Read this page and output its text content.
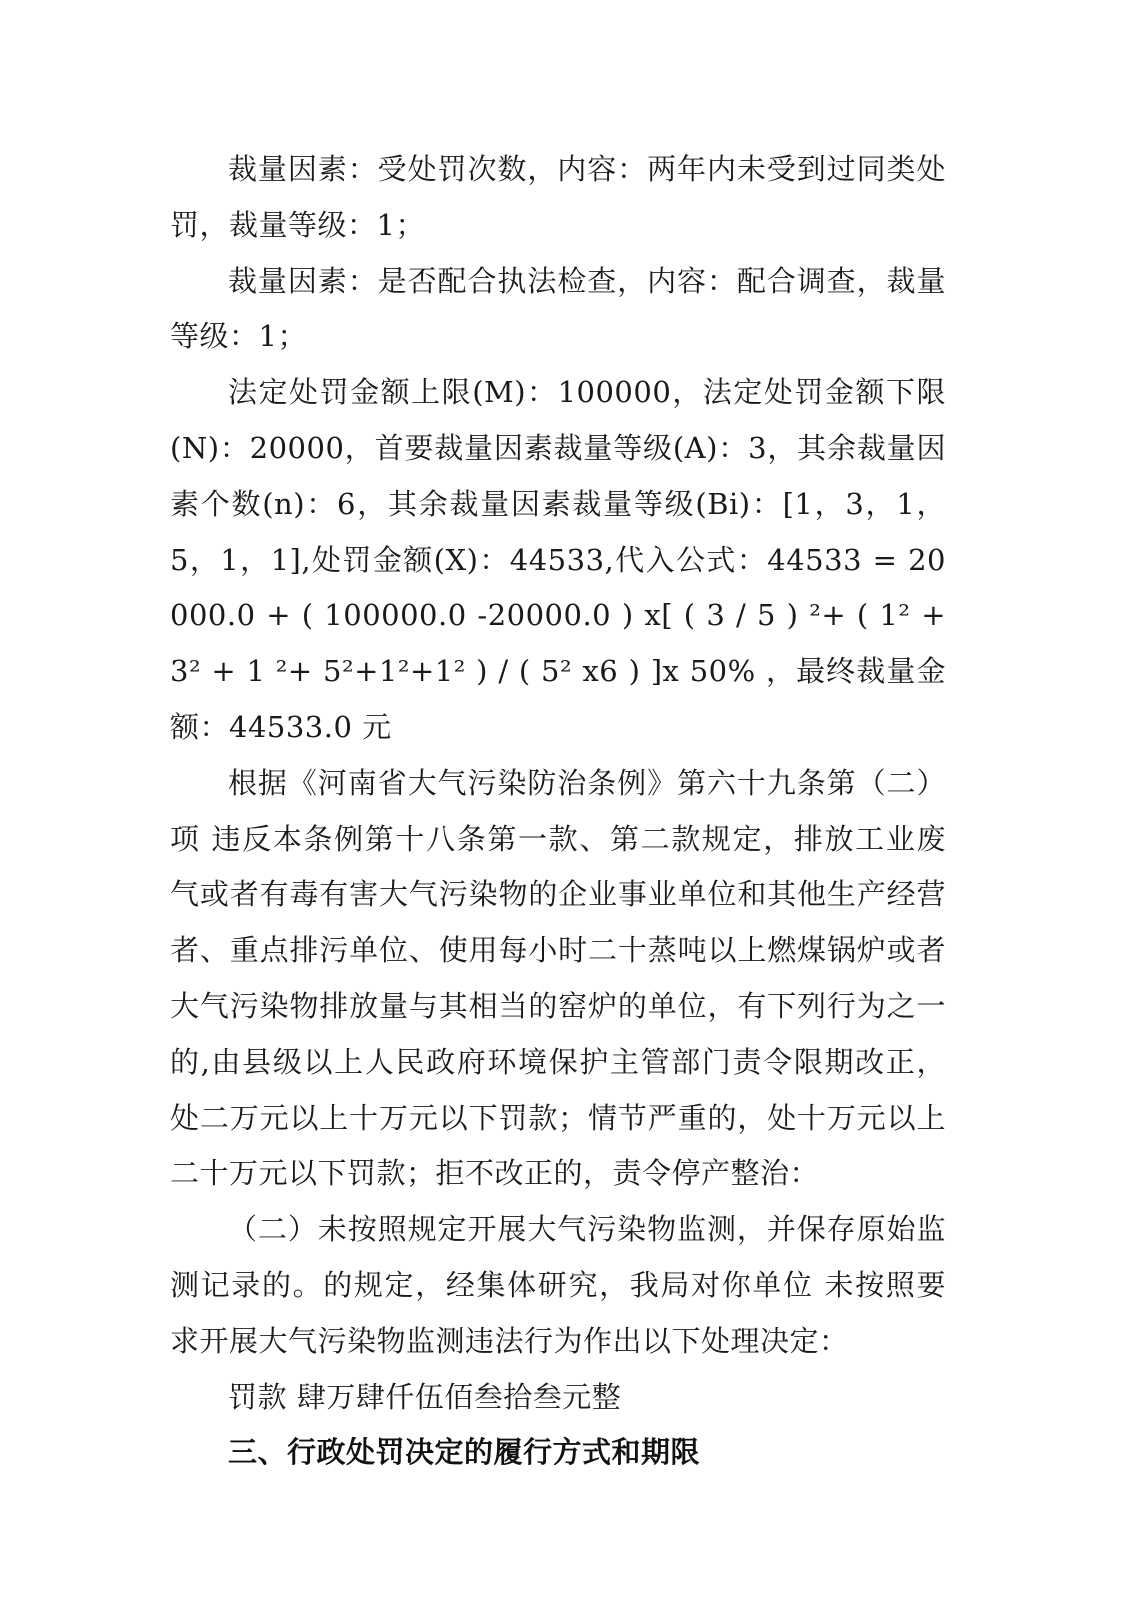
裁量因素：受处罚次数，内容：两年内未受到过同类处罚，裁量等级：1；

裁量因素：是否配合执法检查，内容：配合调查，裁量等级：1；

法定处罚金额上限(M)：100000，法定处罚金额下限(N)：20000，首要裁量因素裁量等级(A)：3，其余裁量因素个数(n)：6，其余裁量因素裁量等级(Bi)：[1，3，1，5，1，1],处罚金额(X)：44533,代入公式：44533 = 20000.0 + ( 100000.0 -20000.0 ) x[ ( 3 / 5 ) ²+ ( 1² + 3² + 1 ²+ 5²+1²+1² ) / ( 5² x6 ) ]x 50% ，最终裁量金额：44533.0 元

根据《河南省大气污染防治条例》第六十九条第（二）项 违反本条例第十八条第一款、第二款规定，排放工业废气或者有毒有害大气污染物的企业事业单位和其他生产经营者、重点排污单位、使用每小时二十蒸吨以上燃煤锅炉或者大气污染物排放量与其相当的窑炉的单位，有下列行为之一的,由县级以上人民政府环境保护主管部门责令限期改正，处二万元以上十万元以下罚款；情节严重的，处十万元以上二十万元以下罚款；拒不改正的，责令停产整治：

（二）未按照规定开展大气污染物监测，并保存原始监测记录的。的规定，经集体研究，我局对你单位 未按照要求开展大气污染物监测违法行为作出以下处理决定：

罚款 肆万肆仟伍佰叁拾叁元整

三、行政处罚决定的履行方式和期限
